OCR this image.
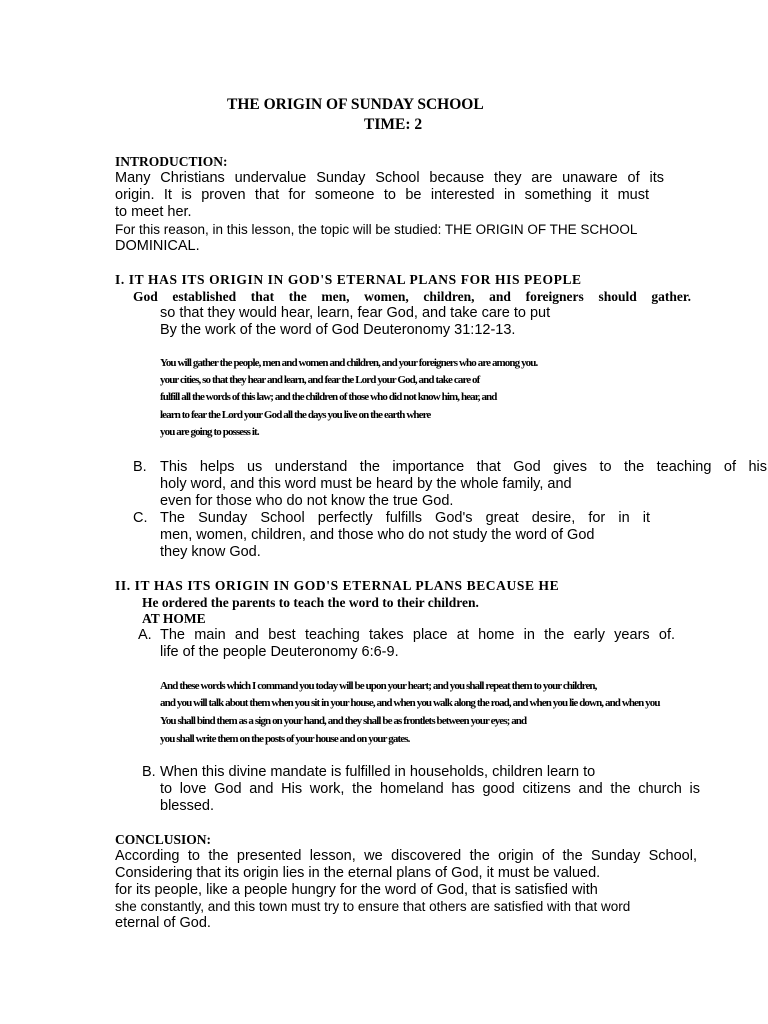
THE ORIGIN OF SUNDAY SCHOOL

TIME: 2

INTRODUCTION:

Many Christians undervalue Sunday School because they are unaware of its

origin. It is proven that for someone to be interested in something it must

to meet her.

For this reason, in this lesson, the topic will be studied: THE ORIGIN OF THE SCHOOL

DOMINICAL.

I. IT HAS ITS ORIGIN IN GOD'S ETERNAL PLANS FOR HIS PEOPLE

God established that the men, women, children, and foreigners should gather.

so that they would hear, learn, fear God, and take care to put

By the work of the word of God Deuteronomy 31:12-13.

You will gather the people, men and women and children, and your foreigners who are among you.

your cities, so that they hear and learn, and fear the Lord your God, and take care of

fulfill all the words of this law; and the children of those who did not know him, hear, and

learn to fear the Lord your God all the days you live on the earth where

you are going to possess it.

B. This helps us understand the importance that God gives to the teaching of his

holy word, and this word must be heard by the whole family, and

even for those who do not know the true God.

C. The Sunday School perfectly fulfills God's great desire, for in it

men, women, children, and those who do not study the word of God

they know God.

II. IT HAS ITS ORIGIN IN GOD'S ETERNAL PLANS BECAUSE HE

He ordered the parents to teach the word to their children.

AT HOME

A. The main and best teaching takes place at home in the early years of.

life of the people Deuteronomy 6:6-9.

And these words which I command you today will be upon your heart; and you shall repeat them to your children,

and you will talk about them when you sit in your house, and when you walk along the road, and when you lie down, and when you

You shall bind them as a sign on your hand, and they shall be as frontlets between your eyes; and

you shall write them on the posts of your house and on your gates.

B. When this divine mandate is fulfilled in households, children learn to

to love God and His work, the homeland has good citizens and the church is

blessed.

CONCLUSION:

According to the presented lesson, we discovered the origin of the Sunday School,

Considering that its origin lies in the eternal plans of God, it must be valued.

for its people, like a people hungry for the word of God, that is satisfied with

she constantly, and this town must try to ensure that others are satisfied with that word

eternal of God.
